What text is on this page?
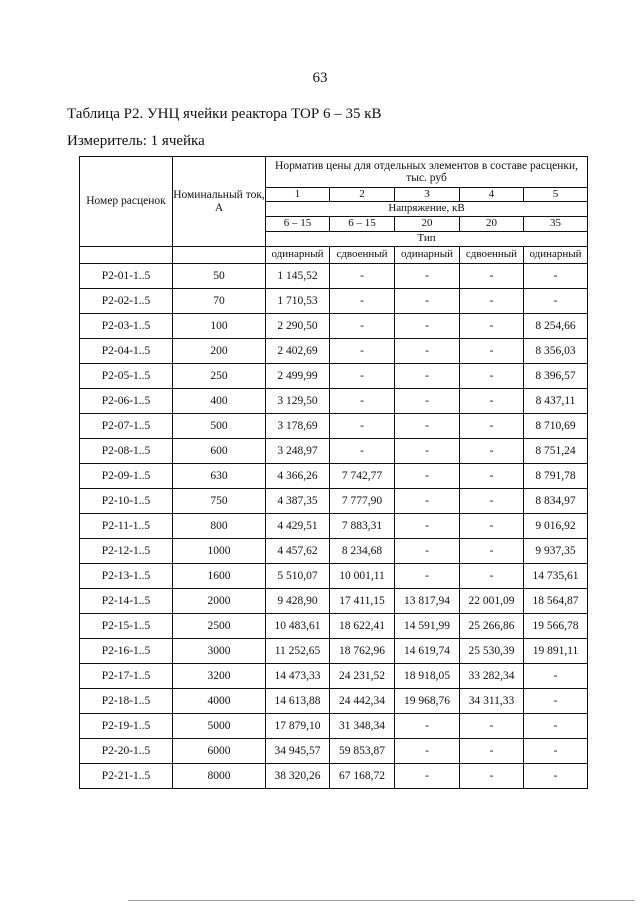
63
Таблица Р2. УНЦ ячейки реактора ТОР 6 – 35 кВ
Измеритель: 1 ячейка
Номер расценок	Номинальный ток, А	Норматив цены для отдельных элементов в составе расценки, тыс. руб				
		1	2	3	4	5
		Напряжение, кВ				
		6 – 15	6 – 15	20	20	35
		Тип				
		одинарный	сдвоенный	одинарный	сдвоенный	одинарный
Р2-01-1..5	50	1 145,52	-	-	-	-
Р2-02-1..5	70	1 710,53	-	-	-	-
Р2-03-1..5	100	2 290,50	-	-	-	8 254,66
Р2-04-1..5	200	2 402,69	-	-	-	8 356,03
Р2-05-1..5	250	2 499,99	-	-	-	8 396,57
Р2-06-1..5	400	3 129,50	-	-	-	8 437,11
Р2-07-1..5	500	3 178,69	-	-	-	8 710,69
Р2-08-1..5	600	3 248,97	-	-	-	8 751,24
Р2-09-1..5	630	4 366,26	7 742,77	-	-	8 791,78
Р2-10-1..5	750	4 387,35	7 777,90	-	-	8 834,97
Р2-11-1..5	800	4 429,51	7 883,31	-	-	9 016,92
Р2-12-1..5	1000	4 457,62	8 234,68	-	-	9 937,35
Р2-13-1..5	1600	5 510,07	10 001,11	-	-	14 735,61
Р2-14-1..5	2000	9 428,90	17 411,15	13 817,94	22 001,09	18 564,87
Р2-15-1..5	2500	10 483,61	18 622,41	14 591,99	25 266,86	19 566,78
Р2-16-1..5	3000	11 252,65	18 762,96	14 619,74	25 530,39	19 891,11
Р2-17-1..5	3200	14 473,33	24 231,52	18 918,05	33 282,34	-
Р2-18-1..5	4000	14 613,88	24 442,34	19 968,76	34 311,33	-
Р2-19-1..5	5000	17 879,10	31 348,34	-	-	-
Р2-20-1..5	6000	34 945,57	59 853,87	-	-	-
Р2-21-1..5	8000	38 320,26	67 168,72	-	-	-
